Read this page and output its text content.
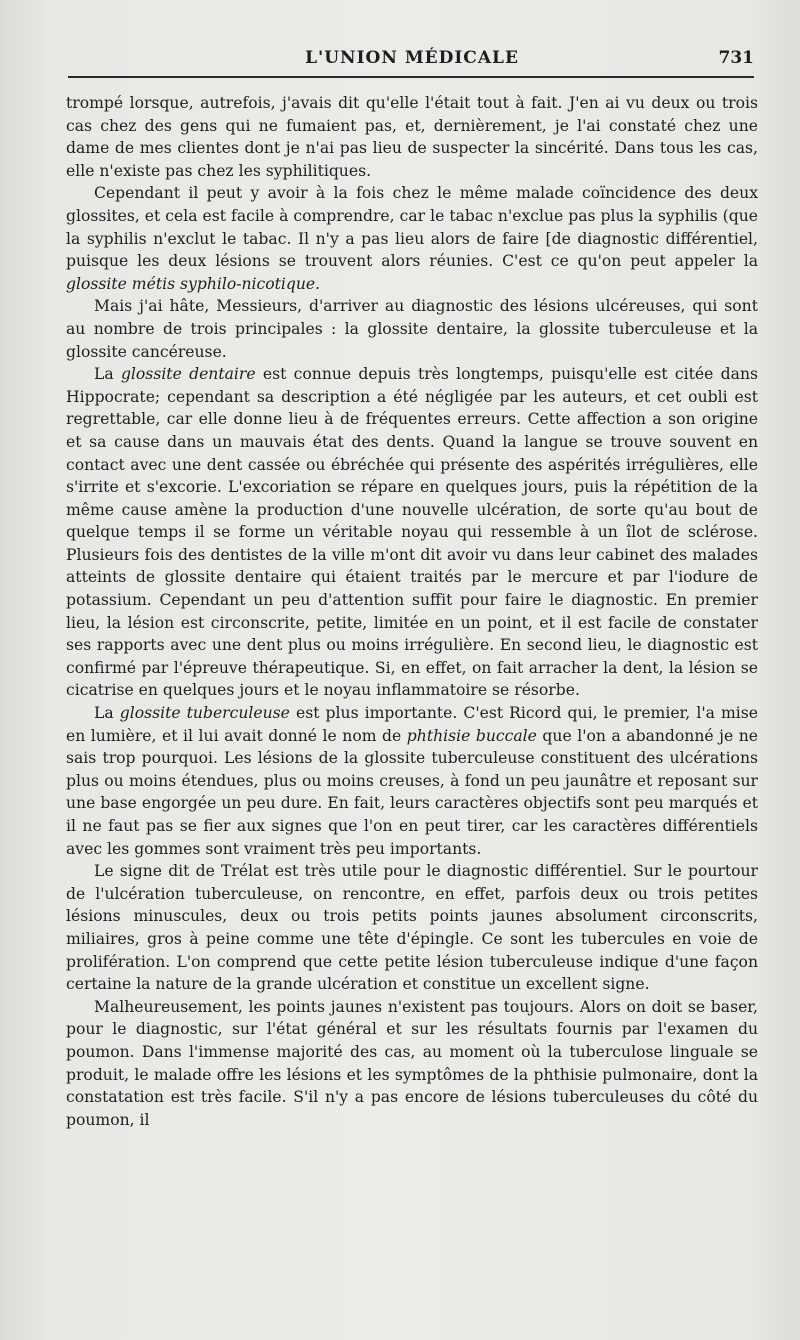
L'UNION MÉDICALE	731

trompé lorsque, autrefois, j'avais dit qu'elle l'était tout à fait. J'en ai vu deux ou trois cas chez des gens qui ne fumaient pas, et, dernièrement, je l'ai constaté chez une dame de mes clientes dont je n'ai pas lieu de suspecter la sincérité. Dans tous les cas, elle n'existe pas chez les syphilitiques.

Cependant il peut y avoir à la fois chez le même malade coïncidence des deux glossites, et cela est facile à comprendre, car le tabac n'exclue pas plus la syphilis (que la syphilis n'exclut le tabac. Il n'y a pas lieu alors de faire [de diagnostic différentiel, puisque les deux lésions se trouvent alors réunies. C'est ce qu'on peut appeler la glossite métis syphilo-nicotique.

Mais j'ai hâte, Messieurs, d'arriver au diagnostic des lésions ulcéreuses, qui sont au nombre de trois principales : la glossite dentaire, la glossite tuberculeuse et la glossite cancéreuse.

La glossite dentaire est connue depuis très longtemps, puisqu'elle est citée dans Hippocrate; cependant sa description a été négligée par les auteurs, et cet oubli est regrettable, car elle donne lieu à de fréquentes erreurs. Cette affection a son origine et sa cause dans un mauvais état des dents. Quand la langue se trouve souvent en contact avec une dent cassée ou ébréchée qui présente des aspérités irrégulières, elle s'irrite et s'excorie. L'excoriation se répare en quelques jours, puis la répétition de la même cause amène la production d'une nouvelle ulcération, de sorte qu'au bout de quelque temps il se forme un véritable noyau qui ressemble à un îlot de sclérose. Plusieurs fois des dentistes de la ville m'ont dit avoir vu dans leur cabinet des malades atteints de glossite dentaire qui étaient traités par le mercure et par l'iodure de potassium. Cependant un peu d'attention suffit pour faire le diagnostic. En premier lieu, la lésion est circonscrite, petite, limitée en un point, et il est facile de constater ses rapports avec une dent plus ou moins irrégulière. En second lieu, le diagnostic est confirmé par l'épreuve thérapeutique. Si, en effet, on fait arracher la dent, la lésion se cicatrise en quelques jours et le noyau inflammatoire se résorbe.

La glossite tuberculeuse est plus importante. C'est Ricord qui, le premier, l'a mise en lumière, et il lui avait donné le nom de phthisie buccale que l'on a abandonné je ne sais trop pourquoi. Les lésions de la glossite tuberculeuse constituent des ulcérations plus ou moins étendues, plus ou moins creuses, à fond un peu jaunâtre et reposant sur une base engorgée un peu dure. En fait, leurs caractères objectifs sont peu marqués et il ne faut pas se fier aux signes que l'on en peut tirer, car les caractères différentiels avec les gommes sont vraiment très peu importants.

Le signe dit de Trélat est très utile pour le diagnostic différentiel. Sur le pourtour de l'ulcération tuberculeuse, on rencontre, en effet, parfois deux ou trois petites lésions minuscules, deux ou trois petits points jaunes absolument circonscrits, miliaires, gros à peine comme une tête d'épingle. Ce sont les tubercules en voie de prolifération. L'on comprend que cette petite lésion tuberculeuse indique d'une façon certaine la nature de la grande ulcération et constitue un excellent signe.

Malheureusement, les points jaunes n'existent pas toujours. Alors on doit se baser, pour le diagnostic, sur l'état général et sur les résultats fournis par l'examen du poumon. Dans l'immense majorité des cas, au moment où la tuberculose linguale se produit, le malade offre les lésions et les symptômes de la phthisie pulmonaire, dont la constatation est très facile. S'il n'y a pas encore de lésions tuberculeuses du côté du poumon, il
